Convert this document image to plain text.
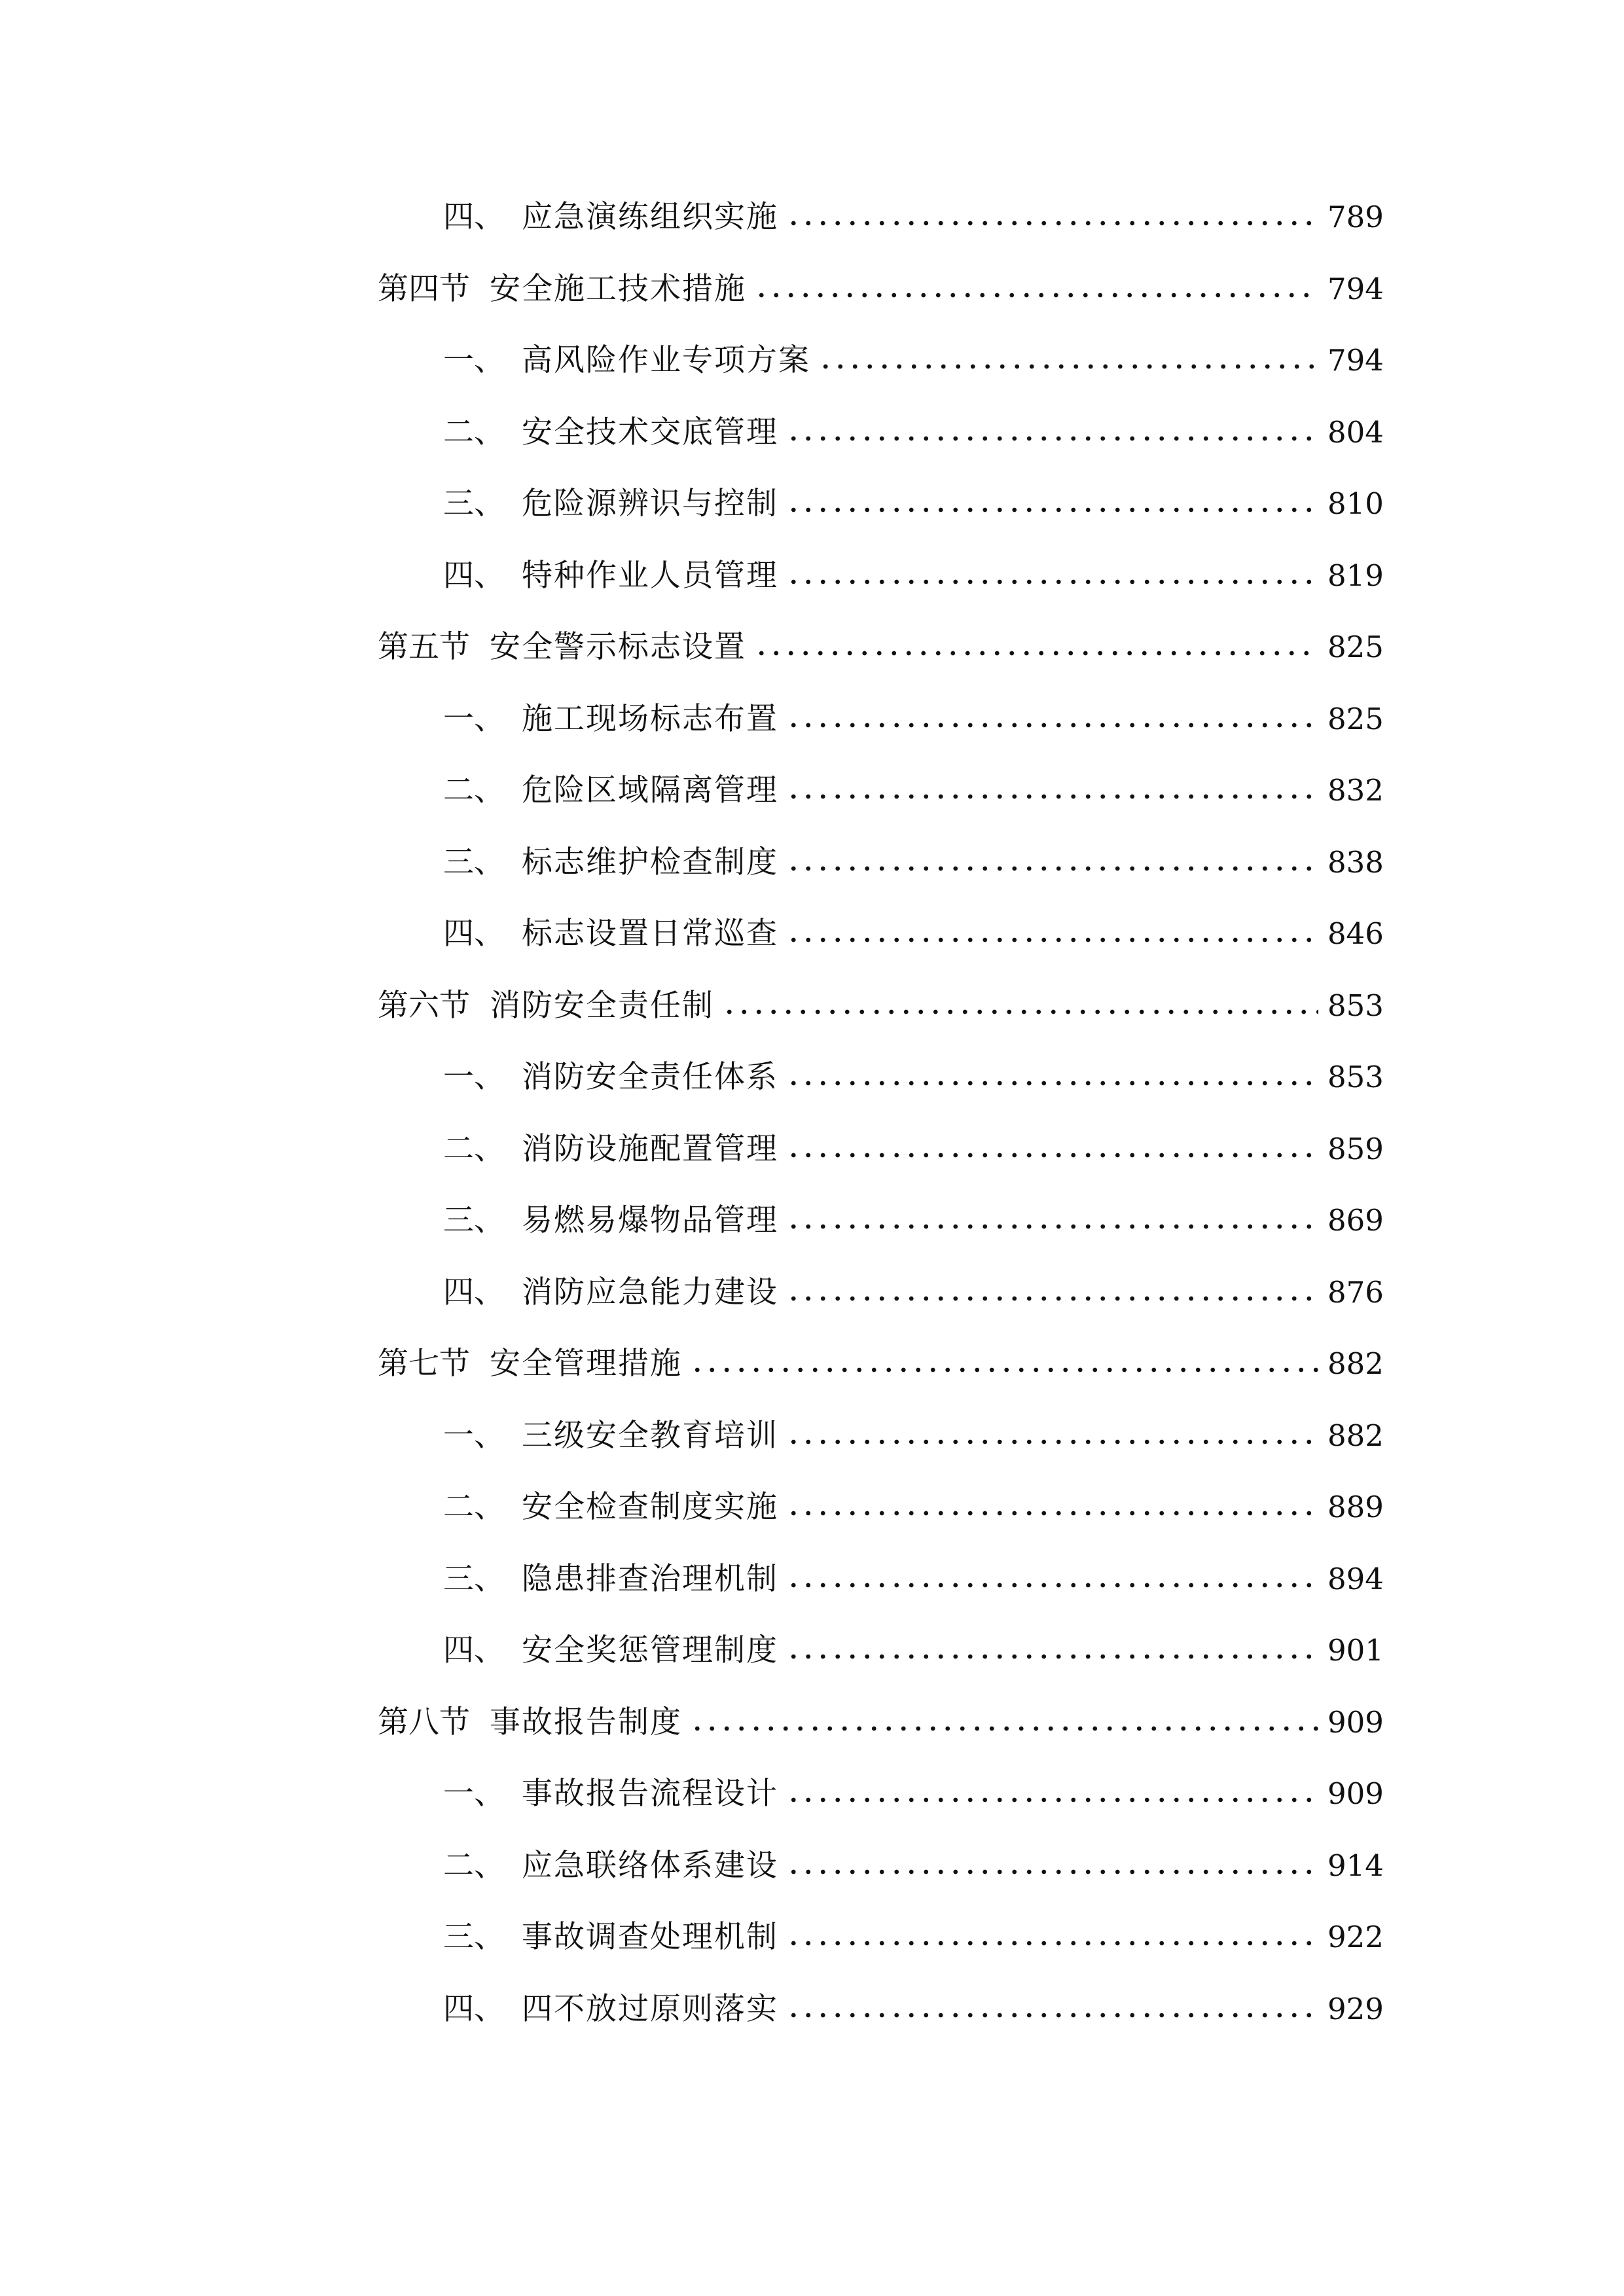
四、 应急演练组织实施	789
第四节 安全施工技术措施	794
一、 高风险作业专项方案	794
二、 安全技术交底管理	804
三、 危险源辨识与控制	810
四、 特种作业人员管理	819
第五节 安全警示标志设置	825
一、 施工现场标志布置	825
二、 危险区域隔离管理	832
三、 标志维护检查制度	838
四、 标志设置日常巡查	846
第六节 消防安全责任制	853
一、 消防安全责任体系	853
二、 消防设施配置管理	859
三、 易燃易爆物品管理	869
四、 消防应急能力建设	876
第七节 安全管理措施	882
一、 三级安全教育培训	882
二、 安全检查制度实施	889
三、 隐患排查治理机制	894
四、 安全奖惩管理制度	901
第八节 事故报告制度	909
一、 事故报告流程设计	909
二、 应急联络体系建设	914
三、 事故调查处理机制	922
四、 四不放过原则落实	929
